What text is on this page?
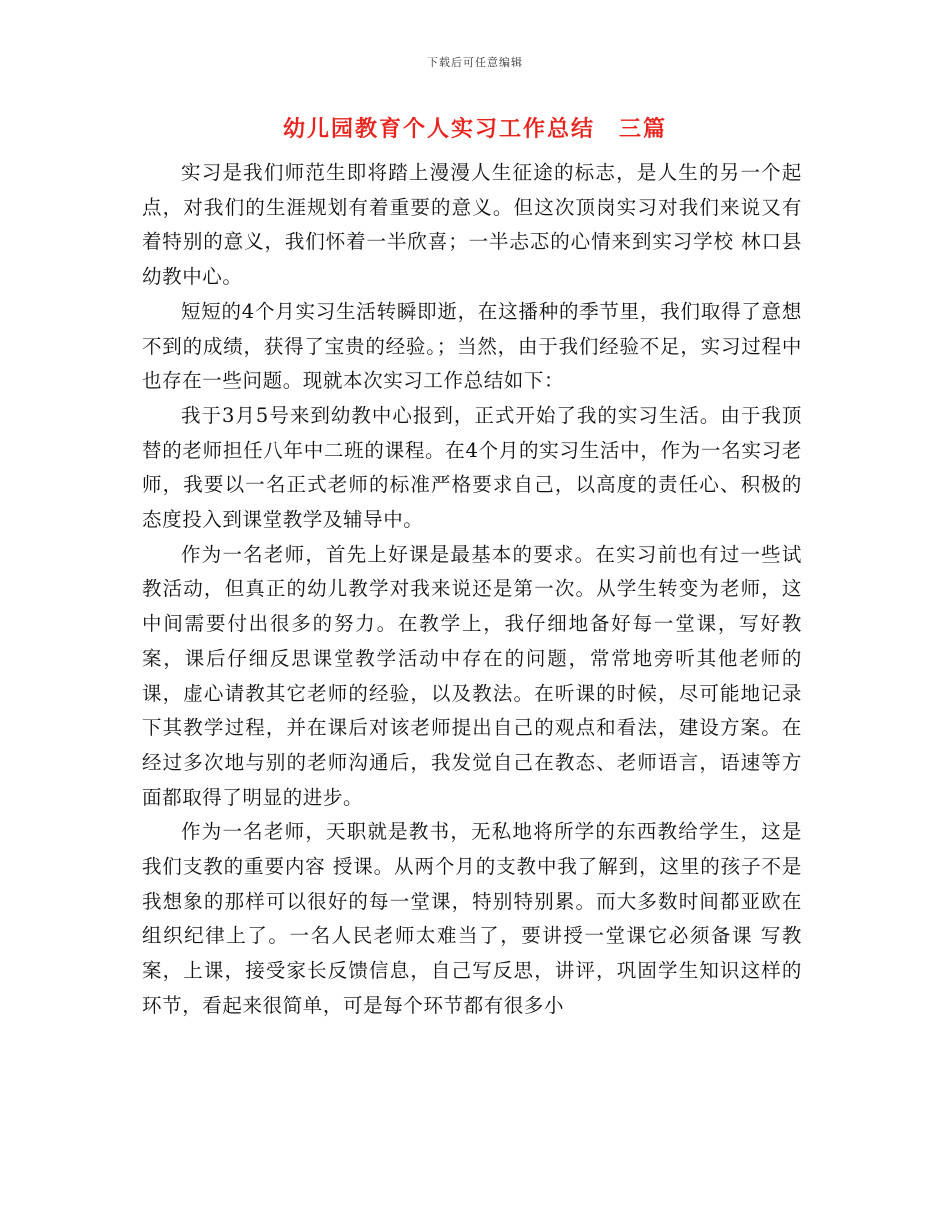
下载后可任意编辑
幼儿园教育个人实习工作总结　三篇

实习是我们师范生即将踏上漫漫人生征途的标志，是人生的另一个起点，对我们的生涯规划有着重要的意义。但这次顶岗实习对我们来说又有着特别的意义，我们怀着一半欣喜；一半忐忑的心情来到实习学校 林口县幼教中心。

短短的4个月实习生活转瞬即逝，在这播种的季节里，我们取得了意想不到的成绩，获得了宝贵的经验。；当然，由于我们经验不足，实习过程中也存在一些问题。现就本次实习工作总结如下：

我于3月5号来到幼教中心报到，正式开始了我的实习生活。由于我顶替的老师担任八年中二班的课程。在4个月的实习生活中，作为一名实习老师，我要以一名正式老师的标准严格要求自己，以高度的责任心、积极的态度投入到课堂教学及辅导中。

作为一名老师，首先上好课是最基本的要求。在实习前也有过一些试教活动，但真正的幼儿教学对我来说还是第一次。从学生转变为老师，这中间需要付出很多的努力。在教学上，我仔细地备好每一堂课，写好教案，课后仔细反思课堂教学活动中存在的问题，常常地旁听其他老师的课，虚心请教其它老师的经验，以及教法。在听课的时候，尽可能地记录下其教学过程，并在课后对该老师提出自己的观点和看法，建设方案。在经过多次地与别的老师沟通后，我发觉自己在教态、老师语言，语速等方面都取得了明显的进步。

作为一名老师，天职就是教书，无私地将所学的东西教给学生，这是我们支教的重要内容 授课。从两个月的支教中我了解到，这里的孩子不是我想象的那样可以很好的每一堂课，特别特别累。而大多数时间都亚欧在组织纪律上了。一名人民老师太难当了，要讲授一堂课它必须备课 写教案，上课，接受家长反馈信息，自己写反思，讲评，巩固学生知识这样的环节，看起来很简单，可是每个环节都有很多小
